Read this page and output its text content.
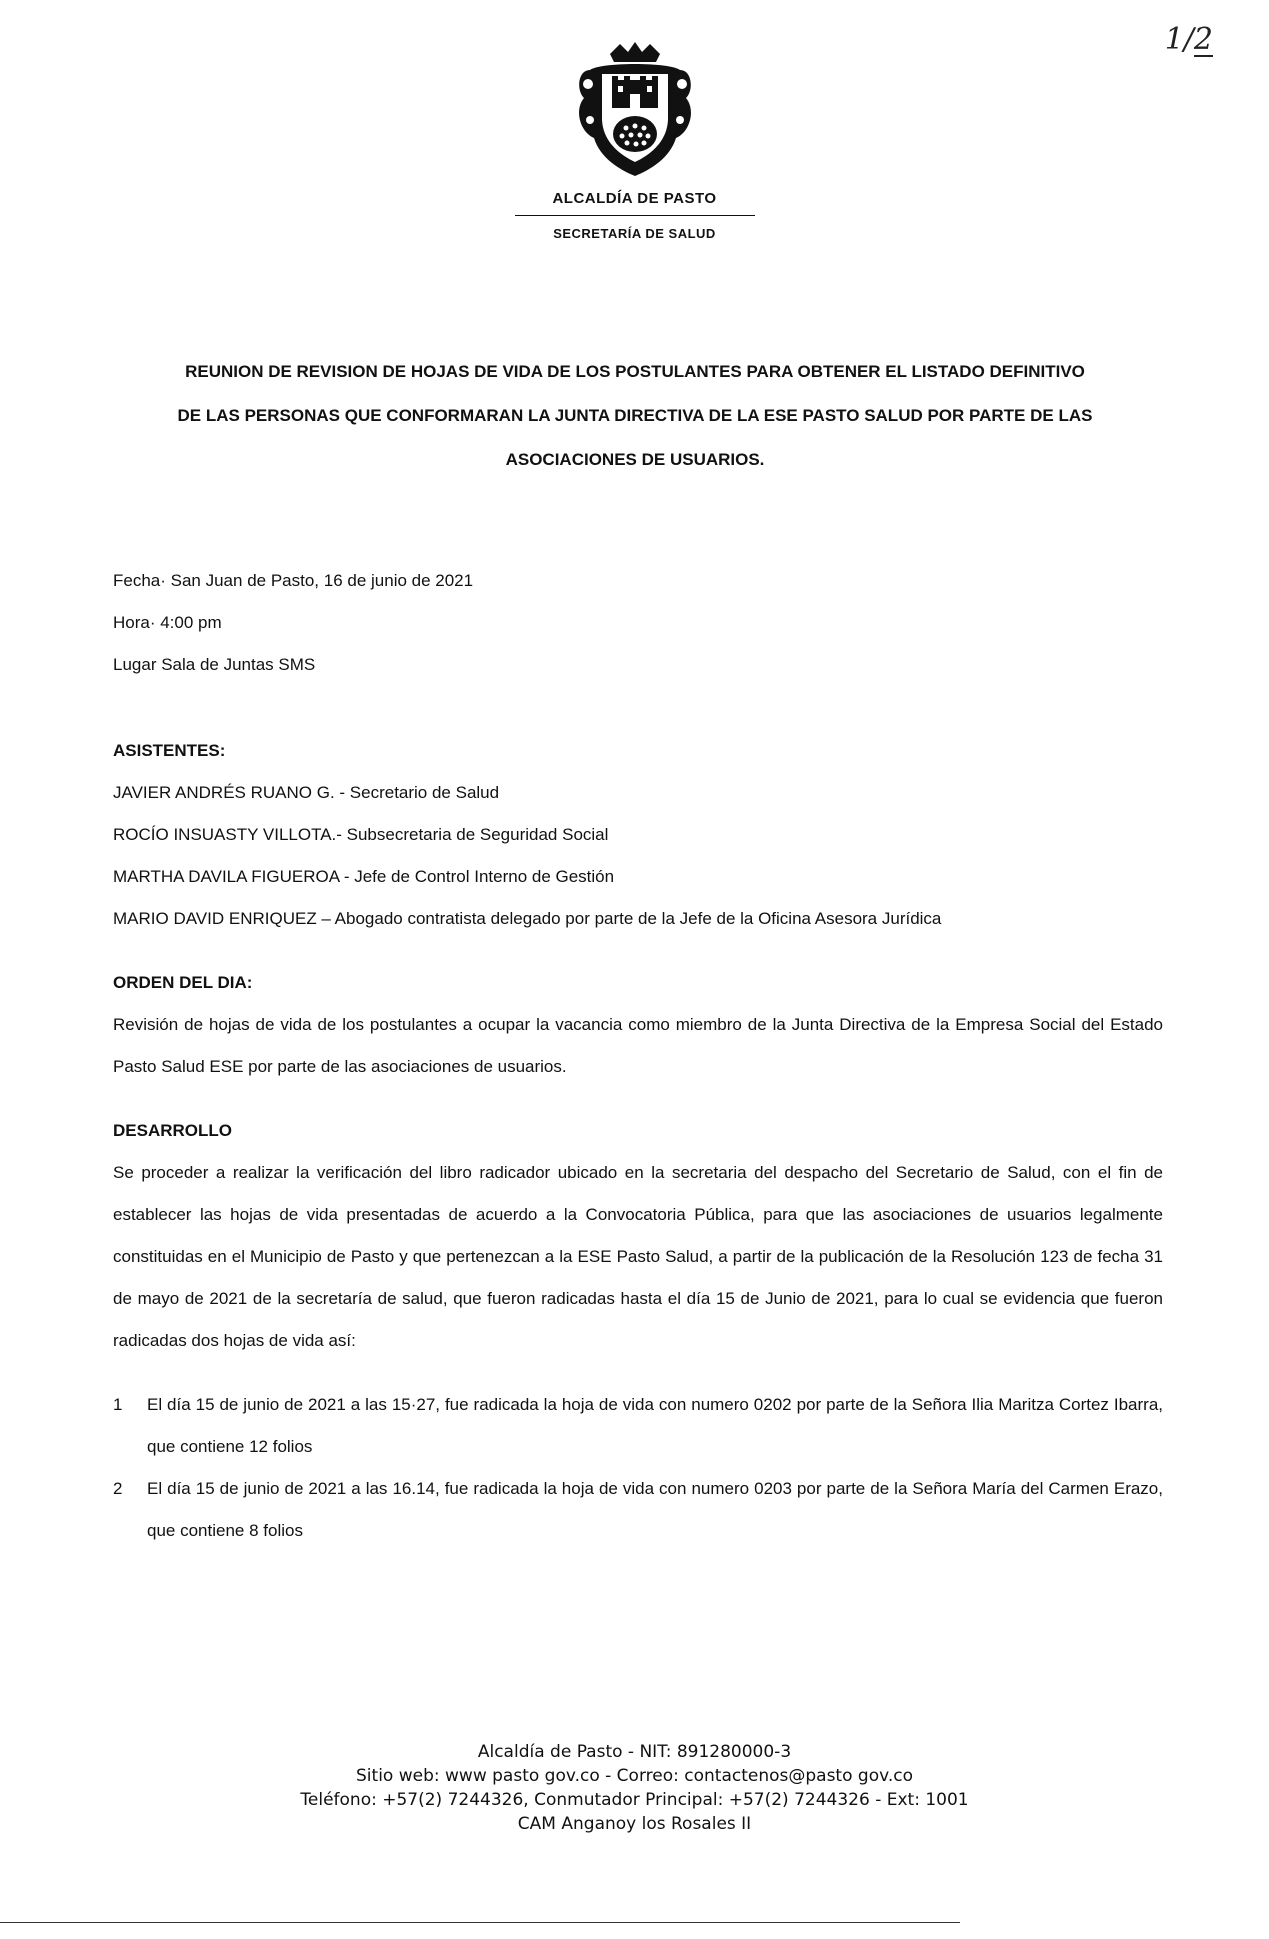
1/2
ALCALDÍA DE PASTO
SECRETARÍA DE SALUD
REUNION DE REVISION DE HOJAS DE VIDA DE LOS POSTULANTES PARA OBTENER EL LISTADO DEFINITIVO
DE LAS PERSONAS QUE CONFORMARAN LA JUNTA DIRECTIVA DE LA ESE PASTO SALUD POR PARTE DE LAS
ASOCIACIONES DE USUARIOS.
Fecha· San Juan de Pasto, 16 de junio de 2021
Hora· 4:00 pm
Lugar Sala de Juntas SMS
ASISTENTES:
JAVIER ANDRÉS RUANO G. - Secretario de Salud
ROCÍO INSUASTY VILLOTA.- Subsecretaria de Seguridad Social
MARTHA DAVILA FIGUEROA - Jefe de Control Interno de Gestión
MARIO DAVID ENRIQUEZ – Abogado contratista delegado por parte de la Jefe de la Oficina Asesora Jurídica
ORDEN DEL DIA:
Revisión de hojas de vida de los postulantes a ocupar la vacancia como miembro de la Junta Directiva de la Empresa Social del Estado Pasto Salud ESE por parte de las asociaciones de usuarios.
DESARROLLO
Se proceder a realizar la verificación del libro radicador ubicado en la secretaria del despacho del Secretario de Salud, con el fin de establecer las hojas de vida presentadas de acuerdo a la Convocatoria Pública, para que las asociaciones de usuarios legalmente constituidas en el Municipio de Pasto y que pertenezcan a la ESE Pasto Salud, a partir de la publicación de la Resolución 123 de fecha 31 de mayo de 2021 de la secretaría de salud, que fueron radicadas hasta el día 15 de Junio de 2021, para lo cual se evidencia que fueron radicadas dos hojas de vida así:
1	El día 15 de junio de 2021 a las 15·27, fue radicada la hoja de vida con numero 0202 por parte de la Señora Ilia Maritza Cortez Ibarra, que contiene 12 folios
2	El día 15 de junio de 2021 a las 16.14, fue radicada la hoja de vida con numero 0203 por parte de la Señora María del Carmen Erazo, que contiene 8 folios
Alcaldía de Pasto - NIT: 891280000-3
Sitio web: www pasto gov.co - Correo: contactenos@pasto gov.co
Teléfono: +57(2) 7244326, Conmutador Principal: +57(2) 7244326 - Ext: 1001
CAM Anganoy los Rosales II
